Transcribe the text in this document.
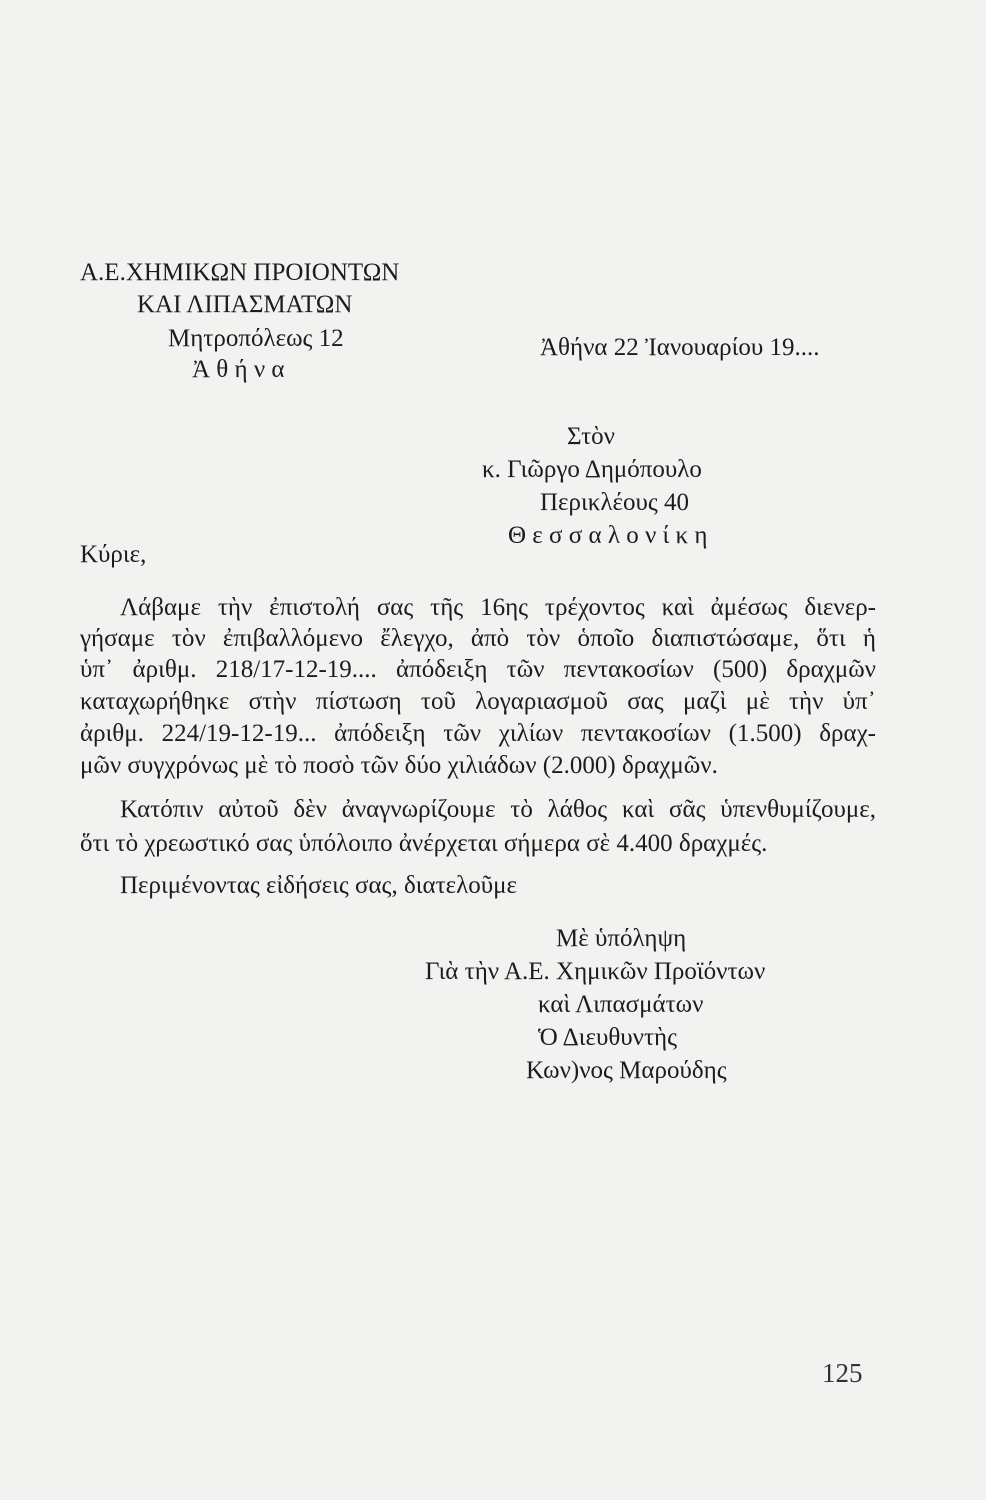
Α.Ε.ΧΗΜΙΚΩΝ ΠΡΟΙΟΝΤΩΝ
ΚΑΙ ΛΙΠΑΣΜΑΤΩΝ
Μητροπόλεως 12
Ἀ θ ή ν α
Ἀθήνα 22 Ἰανουαρίου 19....
Στὸν
κ. Γιῶργο Δημόπουλο
Περικλέους 40
Θ ε σ σ α λ ο ν ί κ η
Κύριε,
Λάβαμε τὴν ἐπιστολή σας τῆς 16ης τρέχοντος καὶ ἀμέσως διενερ-
γήσαμε τὸν ἐπιβαλλόμενο ἔλεγχο, ἀπὸ τὸν ὁποῖο διαπιστώσαμε, ὅτι ἡ
ὑπ᾽ ἀριθμ. 218/17-12-19.... ἀπόδειξη τῶν πεντακοσίων (500) δραχμῶν
καταχωρήθηκε στὴν πίστωση τοῦ λογαριασμοῦ σας μαζὶ μὲ τὴν ὑπ᾽
ἀριθμ. 224/19-12-19... ἀπόδειξη τῶν χιλίων πεντακοσίων (1.500) δραχ-
μῶν συγχρόνως μὲ τὸ ποσὸ τῶν δύο χιλιάδων (2.000) δραχμῶν.
Κατόπιν αὐτοῦ δὲν ἀναγνωρίζουμε τὸ λάθος καὶ σᾶς ὑπενθυμίζουμε,
ὅτι τὸ χρεωστικό σας ὑπόλοιπο ἀνέρχεται σήμερα σὲ 4.400 δραχμές.
Περιμένοντας εἰδήσεις σας, διατελοῦμε
Μὲ ὑπόληψη
Γιὰ τὴν Α.Ε. Χημικῶν Προϊόντων
καὶ Λιπασμάτων
Ὁ Διευθυντὴς
Κων)νος Μαρούδης
125
